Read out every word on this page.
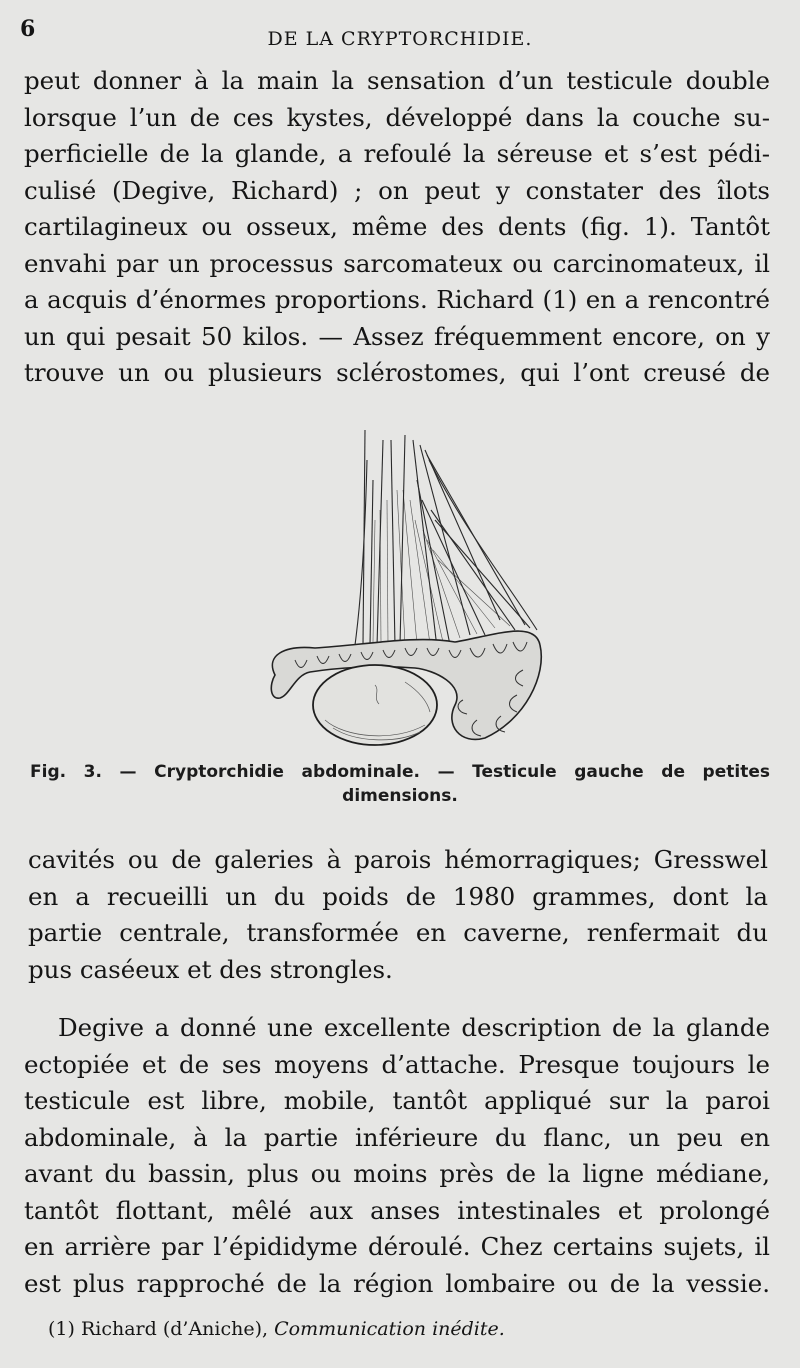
6	DE LA CRYPTORCHIDIE.
peut donner à la main la sensation d’un testicule double
lorsque l’un de ces kystes, développé dans la couche su-
perficielle de la glande, a refoulé la séreuse et s’est pédi-
culisé (Degive, Richard) ; on peut y constater des îlots
cartilagineux ou osseux, même des dents (fig. 1). Tantôt
envahi par un processus sarcomateux ou carcinomateux, il
a acquis d’énormes proportions. Richard (1) en a rencontré
un qui pesait 50 kilos. — Assez fréquemment encore, on y
trouve un ou plusieurs sclérostomes, qui l’ont creusé de
Fig. 3. — Cryptorchidie abdominale. — Testicule gauche de petites
dimensions.
cavités ou de galeries à parois hémorragiques; Gresswel
en a recueilli un du poids de 1980 grammes, dont la
partie centrale, transformée en caverne, renfermait du
pus caséeux et des strongles.
Degive a donné une excellente description de la glande
ectopiée et de ses moyens d’attache. Presque toujours le
testicule est libre, mobile, tantôt appliqué sur la paroi
abdominale, à la partie inférieure du flanc, un peu en
avant du bassin, plus ou moins près de la ligne médiane,
tantôt flottant, mêlé aux anses intestinales et prolongé
en arrière par l’épididyme déroulé. Chez certains sujets, il
est plus rapproché de la région lombaire ou de la vessie.
(1) Richard (d’Aniche), Communication inédite.
